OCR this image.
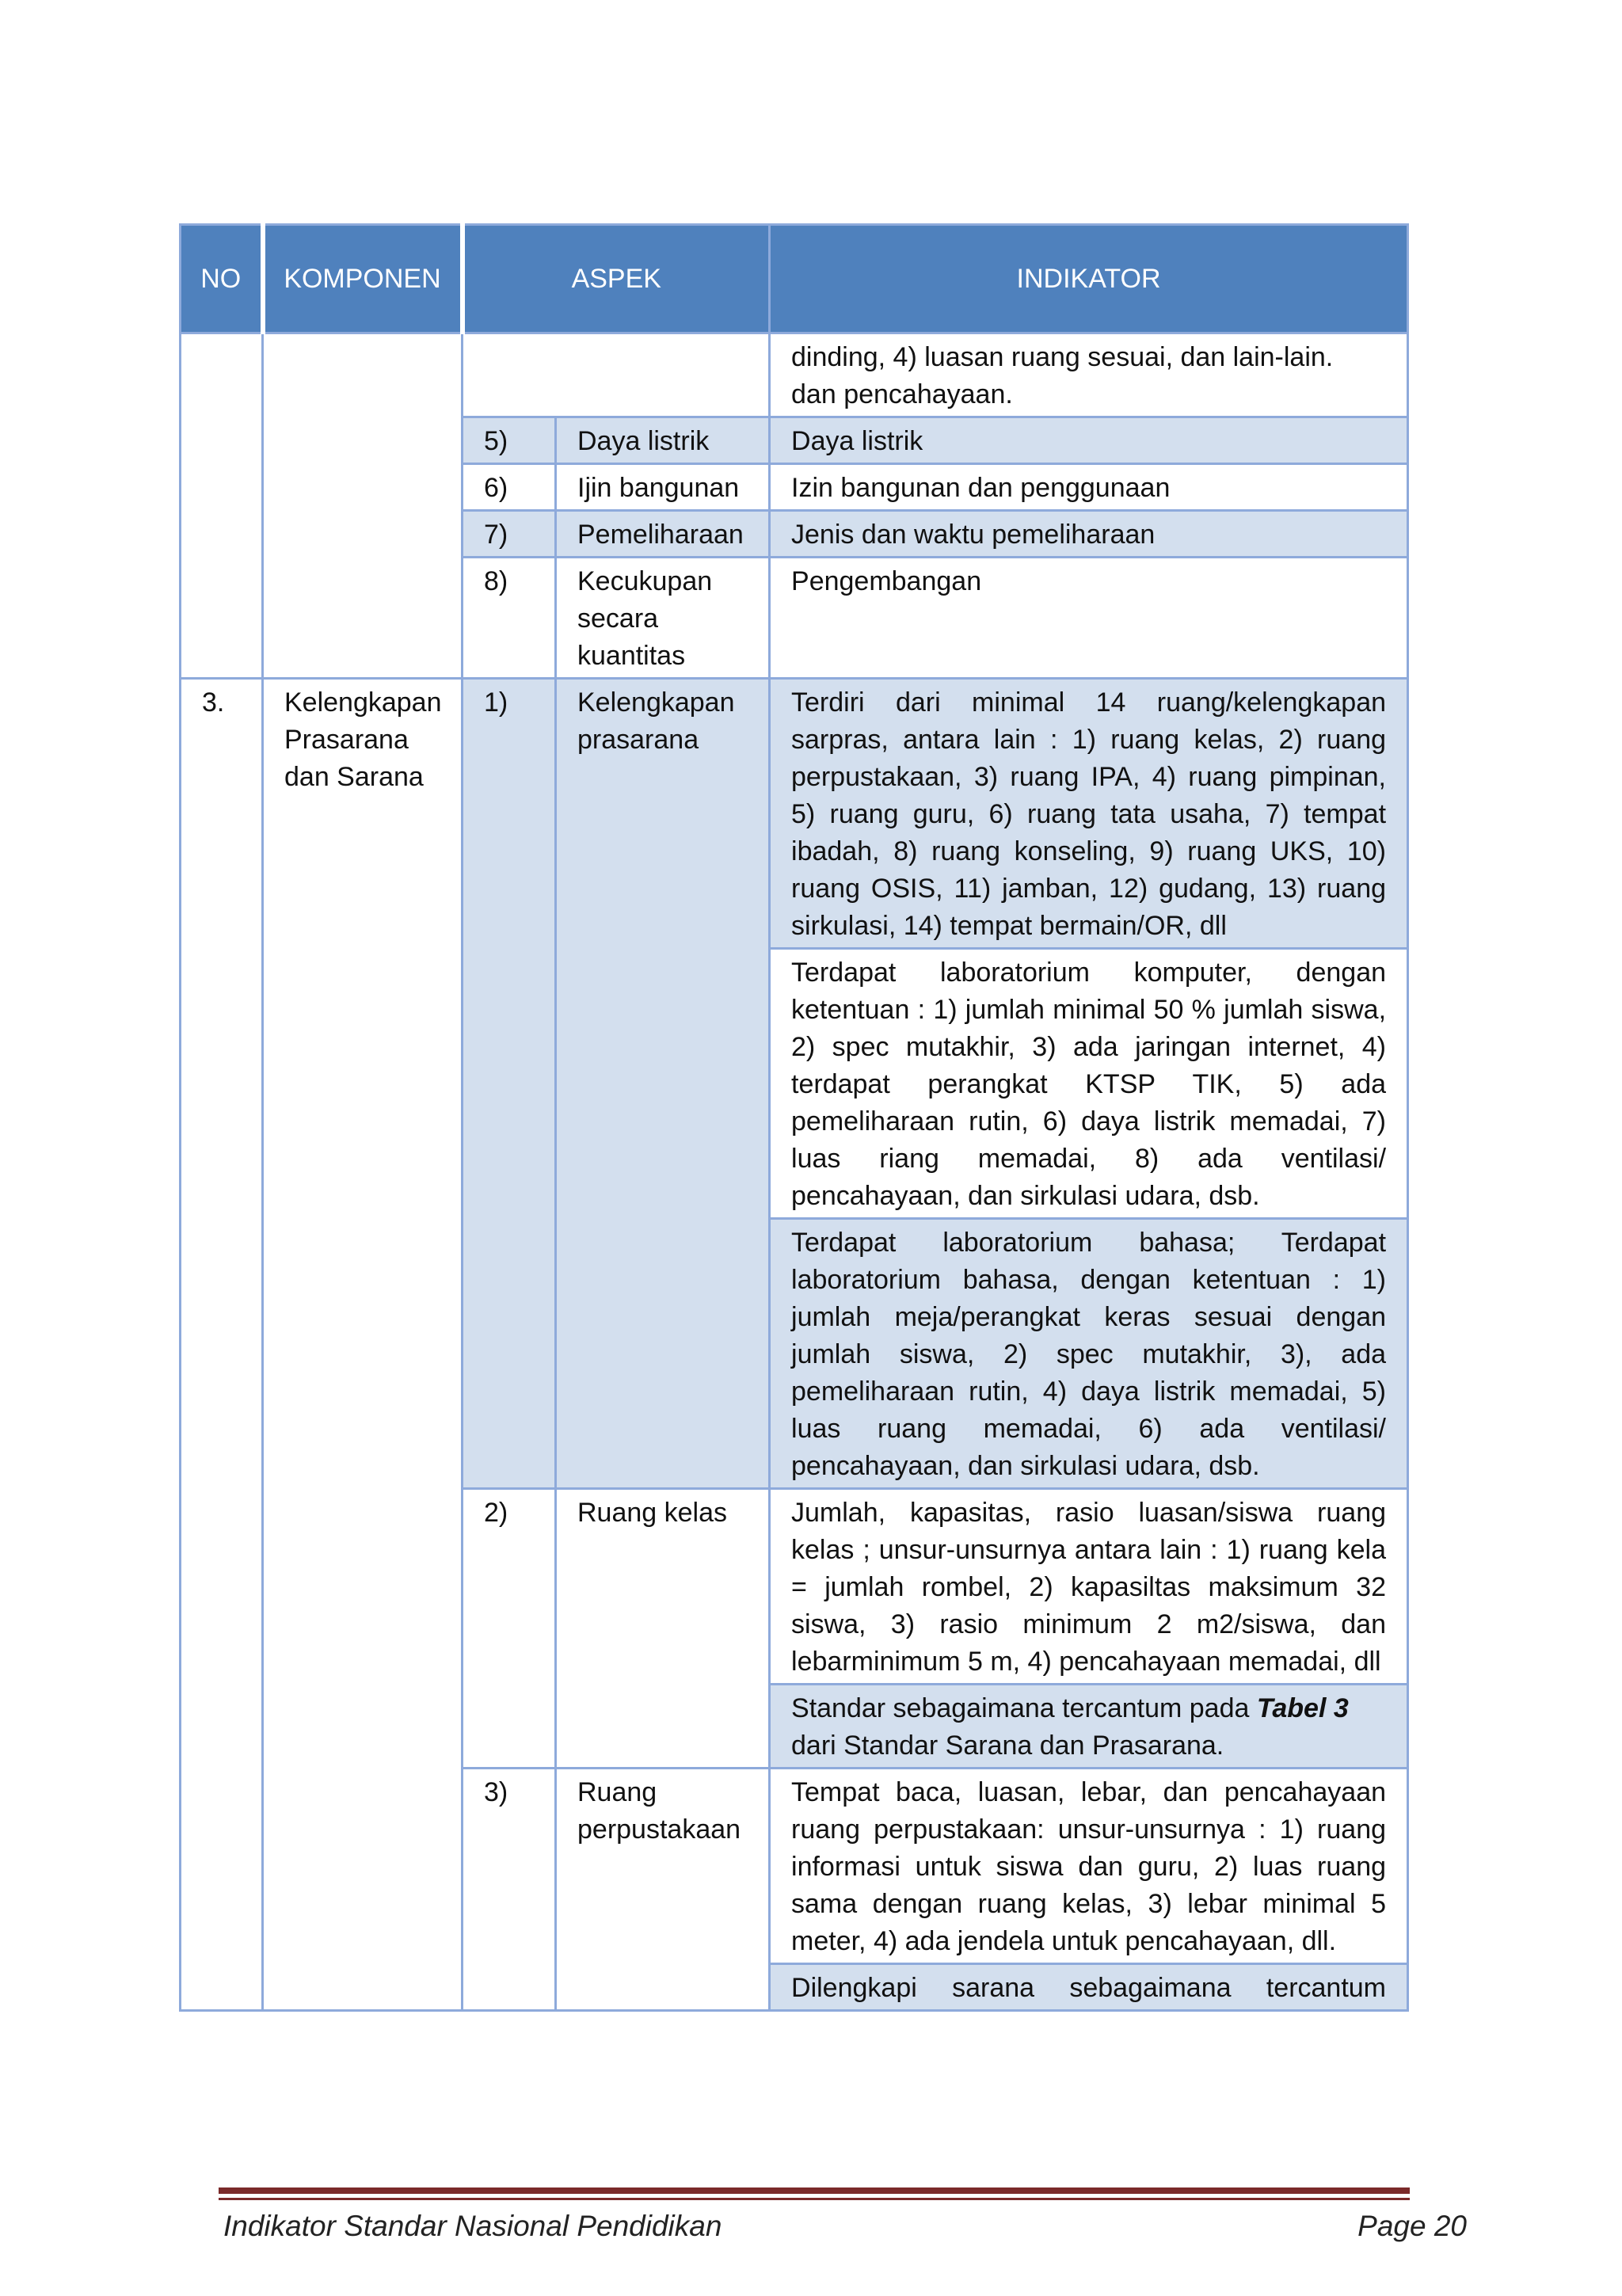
NO	KOMPONEN	ASPEK		INDIKATOR
				dinding, 4) luasan ruang sesuai, dan lain-lain.
dan pencahayaan.
		5)	Daya listrik	Daya listrik
		6)	Ijin bangunan	Izin bangunan dan penggunaan
		7)	Pemeliharaan	Jenis dan waktu pemeliharaan
		8)	Kecukupan secara kuantitas	Pengembangan
3.	Kelengkapan Prasarana dan Sarana	1)	Kelengkapan prasarana	Terdiri dari minimal 14 ruang/kelengkapan sarpras, antara lain : 1) ruang kelas, 2) ruang perpustakaan, 3) ruang IPA, 4) ruang pimpinan, 5) ruang guru, 6) ruang tata usaha, 7) tempat ibadah, 8) ruang konseling, 9) ruang UKS, 10) ruang OSIS, 11) jamban, 12) gudang, 13) ruang sirkulasi, 14) tempat bermain/OR, dll
				Terdapat laboratorium komputer, dengan ketentuan : 1) jumlah minimal 50 % jumlah siswa, 2) spec mutakhir, 3) ada jaringan internet, 4) terdapat perangkat KTSP TIK, 5) ada pemeliharaan rutin, 6) daya listrik memadai, 7) luas riang memadai, 8) ada ventilasi/ pencahayaan, dan sirkulasi udara, dsb.
				Terdapat laboratorium bahasa; Terdapat laboratorium bahasa, dengan ketentuan : 1) jumlah meja/perangkat keras sesuai dengan jumlah siswa, 2) spec mutakhir, 3), ada pemeliharaan rutin, 4) daya listrik memadai, 5) luas ruang memadai, 6) ada ventilasi/ pencahayaan, dan sirkulasi udara, dsb.
		2)	Ruang kelas	Jumlah, kapasitas, rasio luasan/siswa ruang kelas ; unsur-unsurnya antara lain : 1) ruang kela = jumlah rombel, 2) kapasiltas maksimum 32 siswa, 3) rasio minimum 2 m2/siswa, dan lebarminimum 5 m, 4) pencahayaan memadai, dll
				Standar sebagaimana tercantum pada Tabel 3 dari Standar Sarana dan Prasarana.
		3)	Ruang perpustakaan	Tempat baca, luasan, lebar, dan pencahayaan ruang perpustakaan: unsur-unsurnya : 1) ruang informasi untuk siswa dan guru, 2) luas ruang sama dengan ruang kelas, 3) lebar minimal 5 meter, 4) ada jendela untuk pencahayaan, dll.
				Dilengkapi sarana sebagaimana tercantum
Indikator Standar Nasional Pendidikan	Page 20
